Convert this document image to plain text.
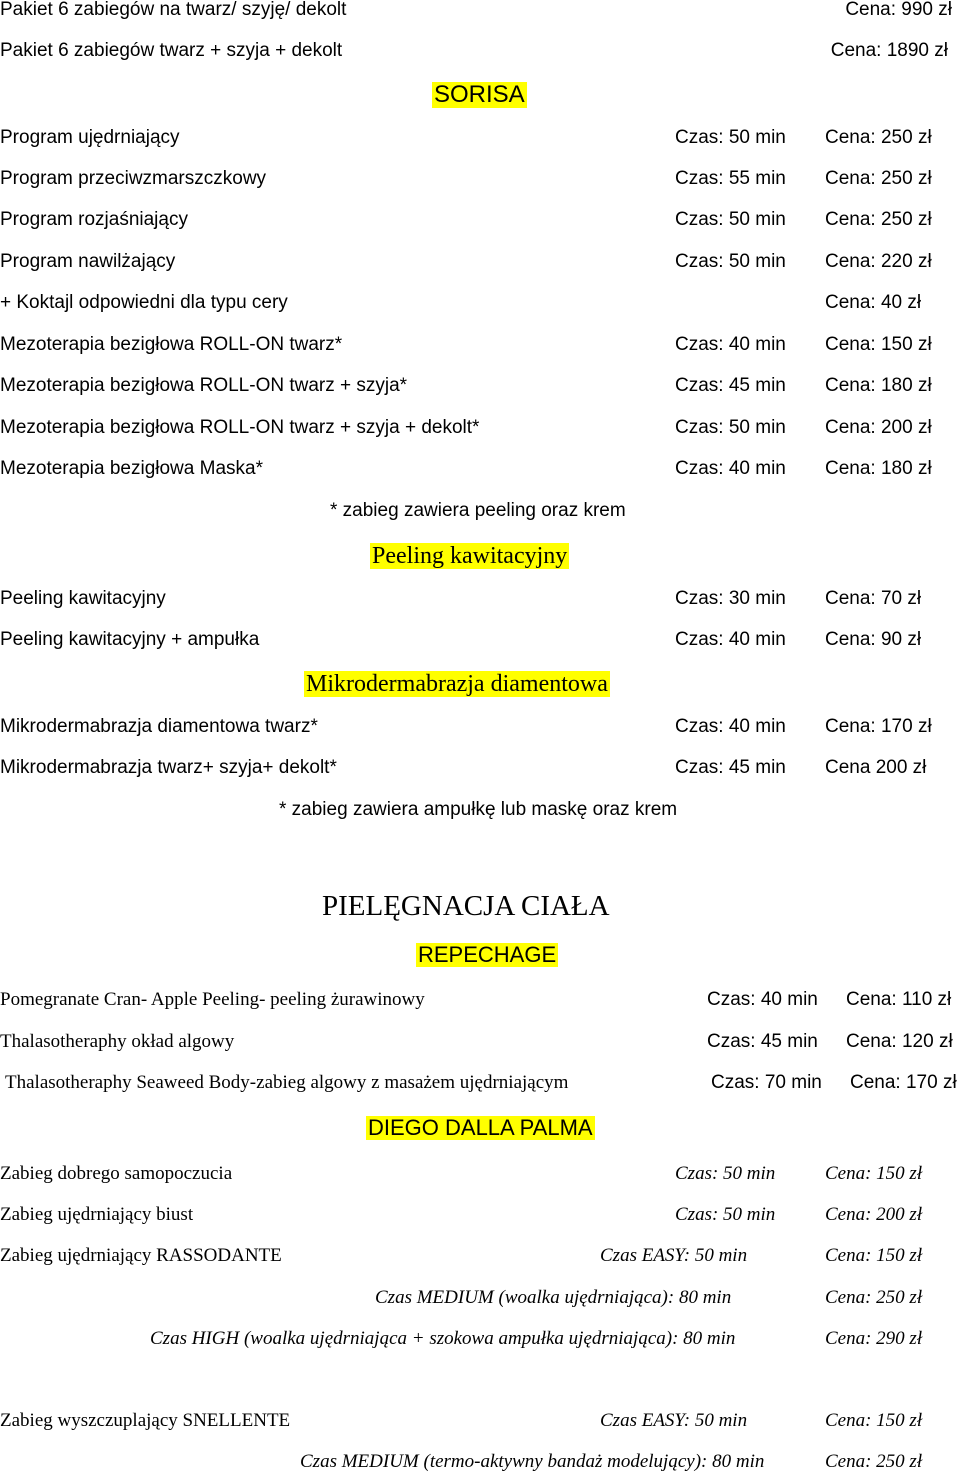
Pakiet 6 zabiegów na twarz/ szyję/ dekolt	Cena: 990 zł
Pakiet 6 zabiegów twarz + szyja + dekolt	Cena: 1890 zł
SORISA
Program ujędrniający	Czas: 50 min Cena: 250 zł
Program przeciwzmarszczkowy	Czas: 55 min Cena: 250 zł
Program rozjaśniający	Czas: 50 min Cena: 250 zł
Program nawilżający	Czas: 50 min Cena: 220 zł
+ Koktajl odpowiedni dla typu cery	Cena: 40 zł
Mezoterapia bezigłowa ROLL-ON twarz*	Czas: 40 min Cena: 150 zł
Mezoterapia bezigłowa ROLL-ON twarz + szyja*	Czas: 45 min Cena: 180 zł
Mezoterapia bezigłowa ROLL-ON twarz + szyja + dekolt*	Czas: 50 min Cena: 200 zł
Mezoterapia bezigłowa Maska*	Czas: 40 min Cena: 180 zł
* zabieg zawiera peeling oraz krem
Peeling kawitacyjny
Peeling kawitacyjny	Czas: 30 min Cena: 70 zł
Peeling kawitacyjny + ampułka	Czas: 40 min Cena: 90 zł
Mikrodermabrazja diamentowa
Mikrodermabrazja diamentowa twarz*	Czas: 40 min Cena: 170 zł
Mikrodermabrazja twarz+ szyja+ dekolt*	Czas: 45 min Cena 200 zł
* zabieg zawiera ampułkę lub maskę oraz krem
PIELĘGNACJA CIAŁA
REPECHAGE
Pomegranate Cran- Apple Peeling- peeling żurawinowy	Czas: 40 min Cena: 110 zł
Thalasotheraphy okład algowy	Czas: 45 min Cena: 120 zł
Thalasotheraphy Seaweed Body-zabieg algowy z masażem ujędrniającym	Czas: 70 min Cena: 170 zł
DIEGO DALLA PALMA
Zabieg dobrego samopoczucia	Czas: 50 min	Cena: 150 zł
Zabieg ujędrniający biust	Czas: 50 min	Cena: 200 zł
Zabieg ujędrniający RASSODANTE	Czas EASY: 50 min	Cena: 150 zł
Czas MEDIUM (woalka ujędrniająca): 80 min	Cena: 250 zł
Czas HIGH (woalka ujędrniająca + szokowa ampułka ujędrniająca): 80 min	Cena: 290 zł
Zabieg wyszczuplający SNELLENTE	Czas EASY: 50 min	Cena: 150 zł
Czas MEDIUM (termo-aktywny bandaż modelujący): 80 min	Cena: 250 zł
